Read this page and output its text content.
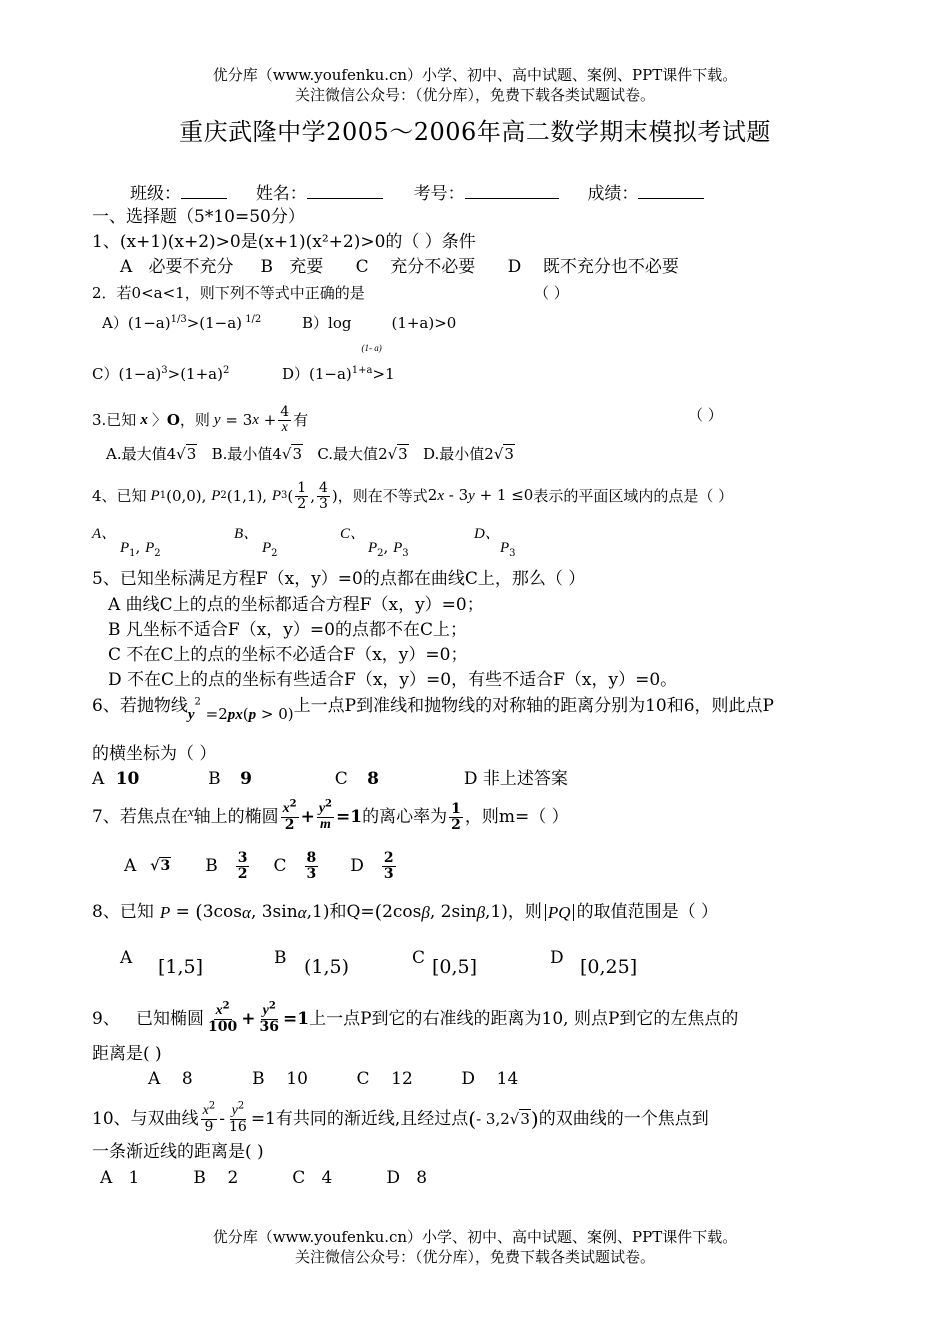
优分库（www.youfenku.cn）小学、初中、高中试题、案例、PPT课件下载。
关注微信公众号：（优分库），免费下载各类试题试卷。
重庆武隆中学2005～2006年高二数学期末模拟考试题
班级：	姓名：	考号：	成绩：
一、选择题（5*10=50分）
1、(x+1)(x+2)>0是(x+1)(x²+2)>0的（ ）条件
A   必要不充分     B   充要      C    充分不必要      D    既不充分也不必要
2．若0<a<1，则下列不等式中正确的是	（ ）
$A)(1-a)^{1/3}>(1-a)$ $^{1/2}$	B）log
(1- a)
(1+a)>0
$C)(1-a)^3>(1+a)^2$	$D)(1-a)^{1+a}>1$
3.已知 x 〉 O ，则 y = 3 $x + \frac{4}{x}$ 有	（ ）
A.最大值4√3 B.最小值4√3 C.最大值2√3 D.最小值2√3
4、已知 P 1 (0,0), P 2 (1,1), P 3 ( $\frac{1}{2}$ , $\frac{4}{3}$ ) ，则在不等式 2x - 3y + 1 ≤0 表示的平面区域内的点是（ ）
A、
$P_1$, $P_2$
B、
$P_2$
C、
$P_2$, $P_3$
D、
$P_3$
5、已知坐标满足方程F（x，y）=0的点都在曲线C上，那么（ ）
A 曲线C上的点的坐标都适合方程F（x，y）=0；
B 凡坐标不适合F（x，y）=0的点都不在C上；
C 不在C上的点的坐标不必适合F（x，y）=0；
D 不在C上的点的坐标有些适合F（x，y）=0，有些不适合F（x，y）=0。
6、若抛物线$y^2 =2px(p > 0)$上一点P到准线和抛物线的对称轴的距离分别为10和6，则此点P
的横坐标为（ ）
A 10	B 9	C 8	D 非上述答案
7、若焦点在 x 轴上的椭圆 $\frac{x^2}{2} + \frac{y^2}{m} =1$ 的离心率为 $\frac{1}{2}$ ，则m=（ ）
A √3 B $\frac{3}{2}$ C $\frac{8}{3}$ D $\frac{2}{3}$
8、已知 P = ( 3cos α , 3sin α ,1) 和Q= ( 2cos β , 2sin β ,1) ，则 PQ 的取值范围是（ ）
A [1,5]	B (1,5)	C [0,5]	D [0,25]
9、   已知椭圆 $\frac{x^2}{100} + \frac{y^2}{36} =1$ 上一点P到它的右准线的距离为10, 则点P到它的左焦点的
距离是( )
A    8           B    10         C    12         D    14
10、与双曲线 $\frac{x^2}{9} - \frac{y^2}{16} =1$ 有共同的渐近线,且经过点 ( - 3,2√3 ) 的双曲线的一个焦点到
一条渐近线的距离是( )
A   1          B    2          C   4          D   8
优分库（www.youfenku.cn）小学、初中、高中试题、案例、PPT课件下载。
关注微信公众号：（优分库），免费下载各类试题试卷。
